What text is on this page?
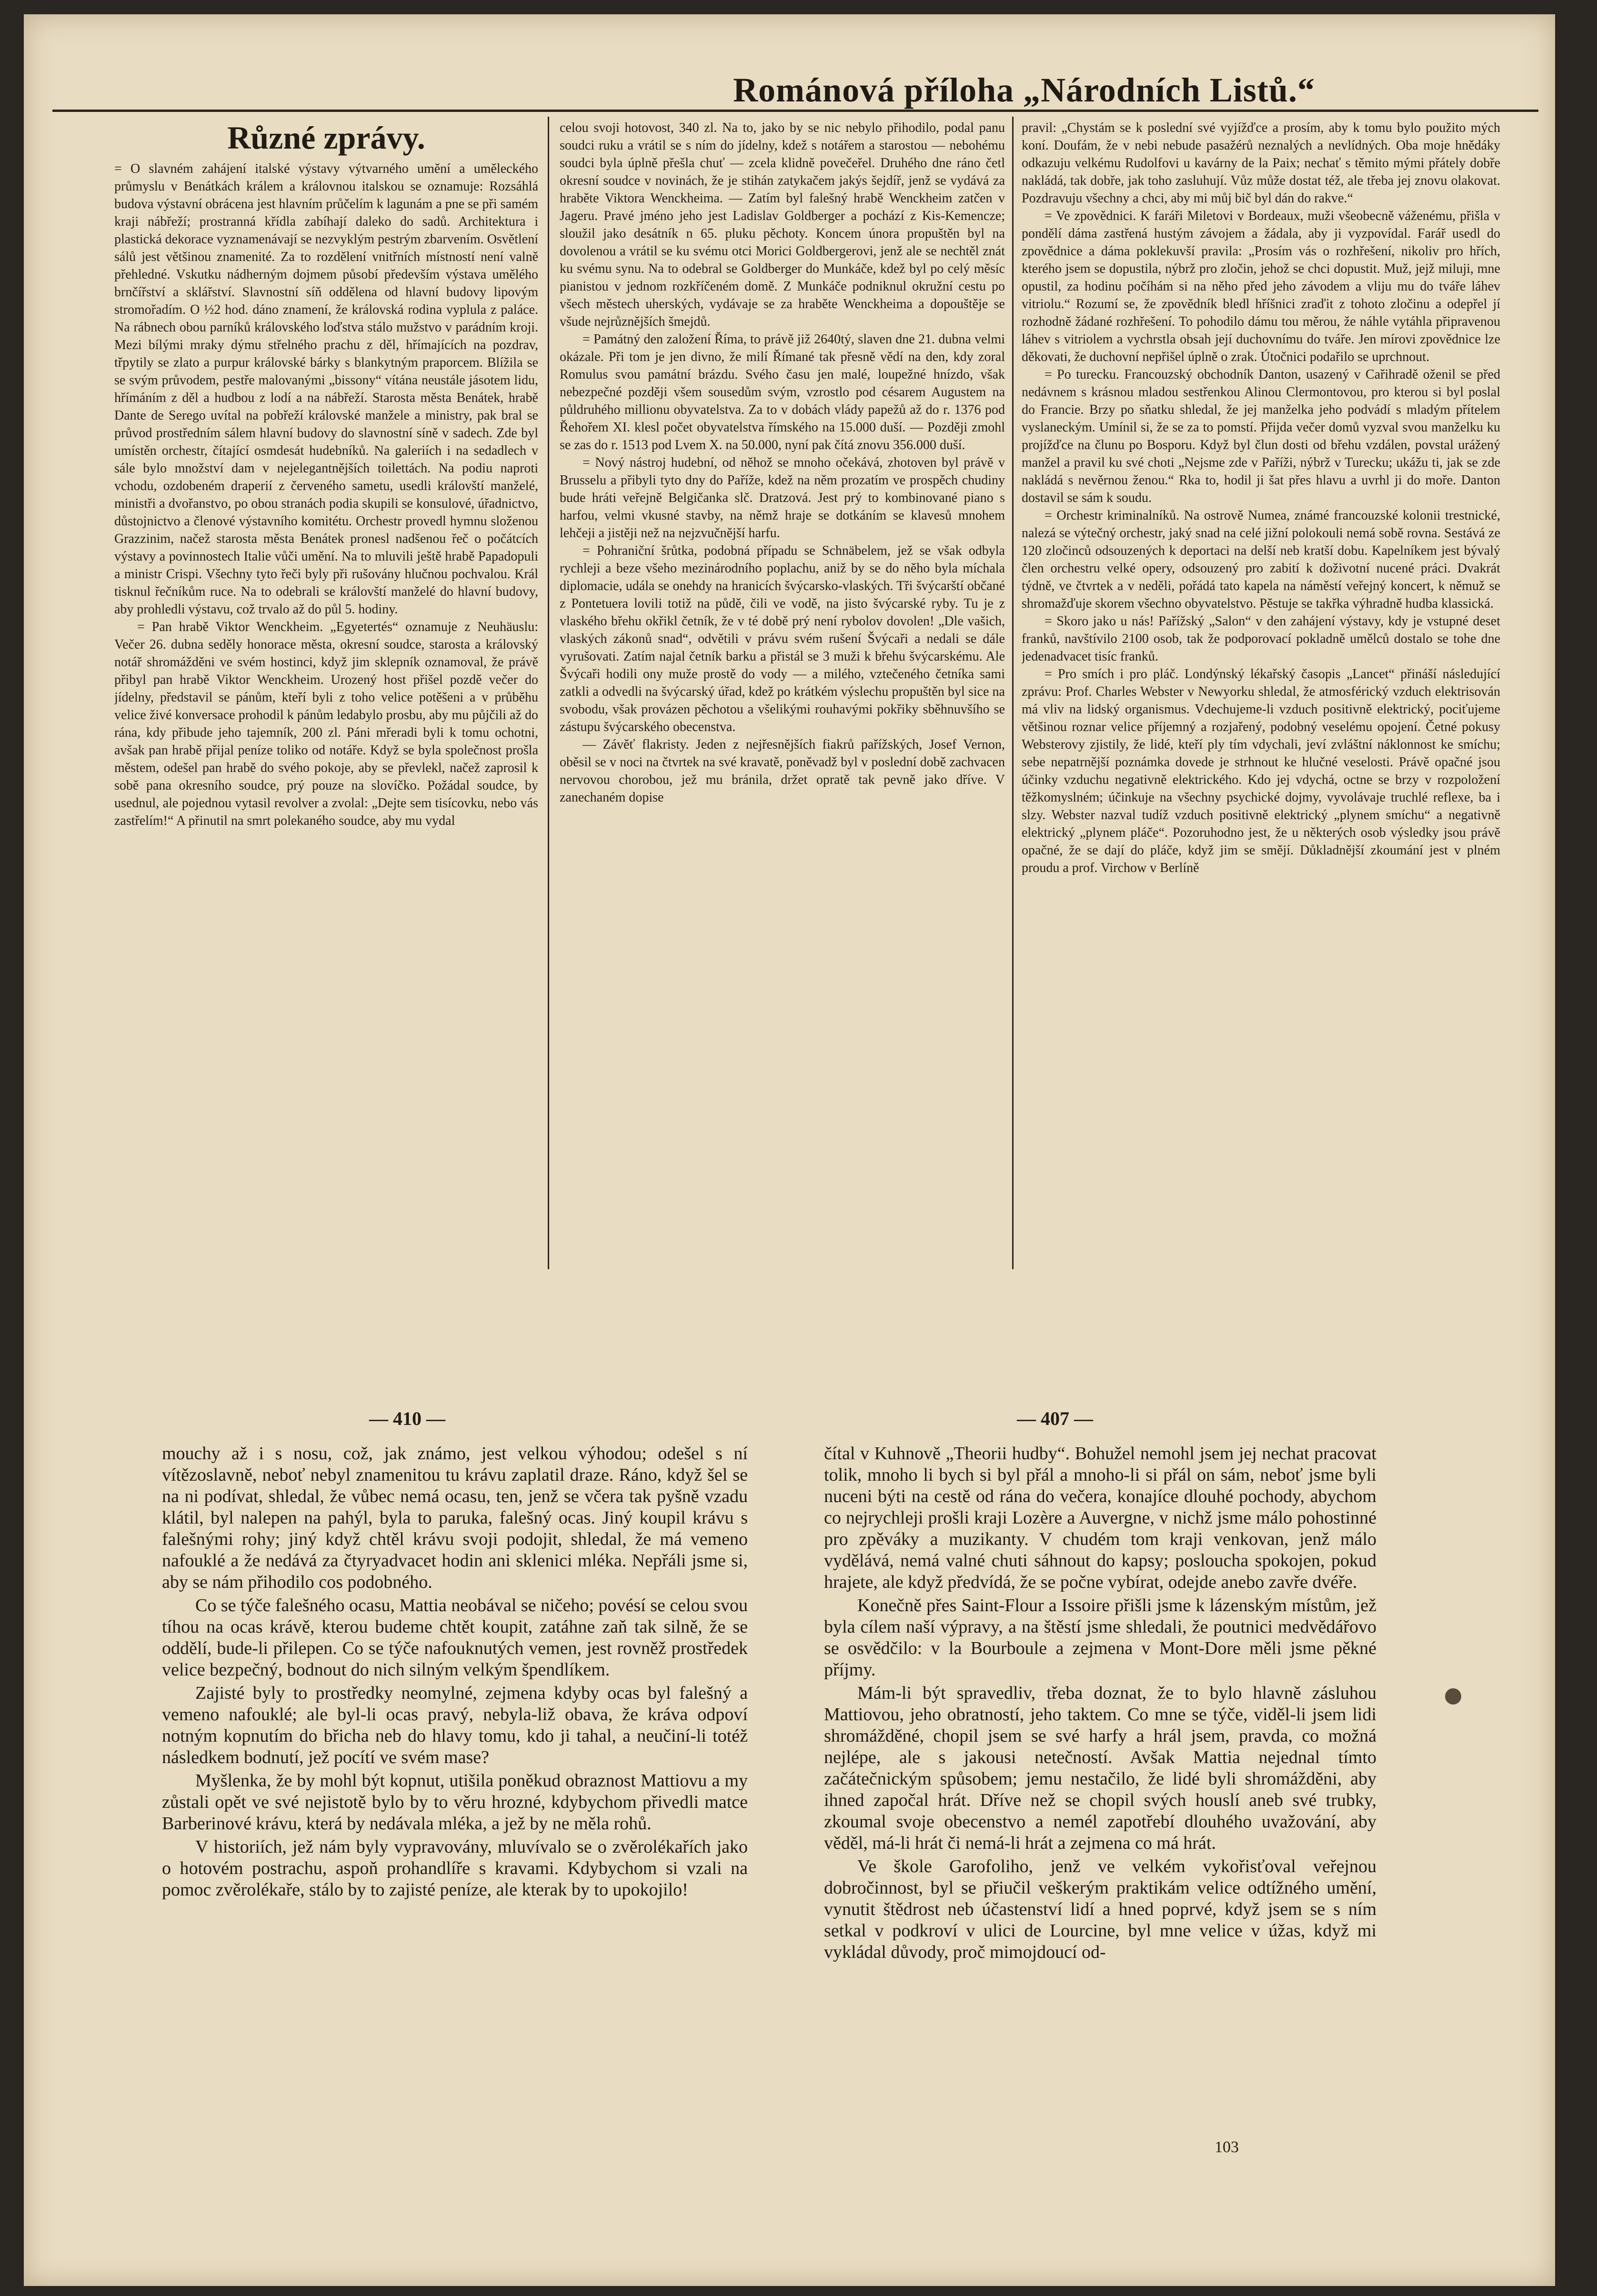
Románová příloha „Národních Listů.“
Různé zprávy.

= O slavném zahájení italské výstavy výtvarného umění a uměleckého průmyslu v Benátkách králem a královnou italskou se oznamuje: Rozsáhlá budova výstavní obrácena jest hlavním průčelím k lagunám a pne se při samém kraji nábřeží; prostranná křídla zabíhají daleko do sadů. Architektura i plastická dekorace vyznamenávají se nezvyklým pestrým zbarvením. Osvětlení sálů jest většinou znamenité. Za to rozdělení vnitřních místností není valně přehledné. Vskutku nádherným dojmem působí především výstava umělého brnčířství a sklářství. Slavnostní síň oddělena od hlavní budovy lipovým stromořadím. O ½2 hod. dáno znamení, že královská rodina vyplula z paláce. Na rábnech obou parníků královského loďstva stálo mužstvo v parádním kroji. Mezi bílými mraky dýmu střelného prachu z děl, hřímajících na pozdrav, třpytily se zlato a purpur královské bárky s blankytným praporcem. Blížila se se svým průvodem, pestře malovanými „bissony“ vítána neustále jásotem lidu, hřímáním z děl a hudbou z lodí a na nábřeží. Starosta města Benátek, hrabě Dante de Serego uvítal na pobřeží královské manžele a ministry, pak bral se průvod prostředním sálem hlavní budovy do slavnostní síně v sadech. Zde byl umístěn orchestr, čítající osmdesát hudebníků. Na galeriích i na sedadlech v sále bylo množství dam v nejelegantnějších toilettách. Na podiu naproti vchodu, ozdobeném draperií z červeného sametu, usedli královští manželé, ministři a dvořanstvo, po obou stranách podia skupili se konsulové, úřadnictvo, důstojnictvo a členové výstavního komitétu. Orchestr provedl hymnu složenou Grazzinim, načež starosta města Benátek pronesl nadšenou řeč o počátcích výstavy a povinnostech Italie vůči umění. Na to mluvili ještě hrabě Papadopuli a ministr Crispi. Všechny tyto řeči byly při rušovány hlučnou pochvalou. Král tisknul řečníkům ruce. Na to odebrali se královští manželé do hlavní budovy, aby prohledli výstavu, což trvalo až do půl 5. hodiny.

= Pan hrabě Viktor Wenckheim. „Egyetertés“ oznamuje z Neuhäuslu: Večer 26. dubna seděly honorace města, okresní soudce, starosta a královský notář shromážděni ve svém hostinci, když jim sklepník oznamoval, že právě přibyl pan hrabě Viktor Wenckheim. Urozený host přišel pozdě večer do jídelny, představil se pánům, kteří byli z toho velice potěšeni a v průběhu velice živé konversace prohodil k pánům ledabylo prosbu, aby mu půjčili až do rána, kdy přibude jeho tajemník, 200 zl. Páni mřeradi byli k tomu ochotni, avšak pan hrabě přijal peníze toliko od notáře. Když se byla společnost prošla městem, odešel pan hrabě do svého pokoje, aby se převlekl, načež zaprosil k sobě pana okresního soudce, prý pouze na slovíčko. Požádal soudce, by usednul, ale pojednou vytasil revolver a zvolal: „Dejte sem tisícovku, nebo vás zastřelím!“ A přinutil na smrt polekaného soudce, aby mu vydal

celou svoji hotovost, 340 zl. Na to, jako by se nic nebylo přihodilo, podal panu soudci ruku a vrátil se s ním do jídelny, kdež s notářem a starostou — nebohému soudci byla úplně přešla chuť — zcela klidně povečeřel. Druhého dne ráno četl okresní soudce v novinách, že je stihán zatykačem jakýs šejdíř, jenž se vydává za hraběte Viktora Wenckheima. — Zatím byl falešný hrabě Wenckheim zatčen v Jageru. Pravé jméno jeho jest Ladislav Goldberger a pochází z Kis-Kemencze; sloužil jako desátník n 65. pluku pěchoty. Koncem února propuštěn byl na dovolenou a vrátil se ku svému otci Morici Goldbergerovi, jenž ale se nechtěl znát ku svému synu. Na to odebral se Goldberger do Munkáče, kdež byl po celý měsíc pianistou v jednom rozkříčeném domě. Z Munkáče podniknul okružní cestu po všech městech uherských, vydávaje se za hraběte Wenckheima a dopouštěje se všude nejrůznějších šmejdů.

= Památný den založení Říma, to právě již 2640tý, slaven dne 21. dubna velmi okázale. Při tom je jen divno, že milí Římané tak přesně vědí na den, kdy zoral Romulus svou památní brázdu. Svého času jen malé, loupežné hnízdo, však nebezpečné později všem sousedům svým, vzrostlo pod césarem Augustem na půldruhého millionu obyvatelstva. Za to v dobách vlády papežů až do r. 1376 pod Řehořem XI. klesl počet obyvatelstva římského na 15.000 duší. — Později zmohl se zas do r. 1513 pod Lvem X. na 50.000, nyní pak čítá znovu 356.000 duší.

= Nový nástroj hudební, od něhož se mnoho očekává, zhotoven byl právě v Brusselu a přibyli tyto dny do Paříže, kdež na něm prozatím ve prospěch chudiny bude hráti veřejně Belgičanka slč. Dratzová. Jest prý to kombinované piano s harfou, velmi vkusné stavby, na němž hraje se dotkáním se klavesů mnohem lehčeji a jistěji než na nejzvučnější harfu.

= Pohraniční šrůtka, podobná případu se Schnäbelem, jež se však odbyla rychleji a beze všeho mezinárodního poplachu, aniž by se do něho byla míchala diplomacie, udála se onehdy na hranicích švýcarsko-vlaských. Tři švýcarští občané z Pontetuera lovili totiž na půdě, čili ve vodě, na jisto švýcarské ryby. Tu je z vlaského břehu okřikl četník, že v té době prý není rybolov dovolen! „Dle vašich, vlaských zákonů snad“, odvětili v právu svém rušení Švýcaři a nedali se dále vyrušovati. Zatím najal četník barku a přistál se 3 muži k břehu švýcarskému. Ale Švýcaři hodili ony muže prostě do vody — a milého, vztečeného četníka sami zatkli a odvedli na švýcarský úřad, kdež po krátkém výslechu propuštěn byl sice na svobodu, však provázen pěchotou a všelikými rouhavými pokřiky sběhnuvšího se zástupu švýcarského obecenstva.

— Závěť flakristy. Jeden z nejřesnějších fiakrů pařížských, Josef Vernon, oběsil se v noci na čtvrtek na své kravatě, poněvadž byl v poslední době zachvacen nervovou chorobou, jež mu bránila, držet opratě tak pevně jako dříve. V zanechaném dopise

pravil: „Chystám se k poslední své vyjížďce a prosím, aby k tomu bylo použito mých koní. Doufám, že v nebi nebude pasažérů neznalých a nevlídných. Oba moje hnědáky odkazuju velkému Rudolfovi u kavárny de la Paix; nechať s těmito mými přátely dobře nakládá, tak dobře, jak toho zasluhují. Vůz může dostat též, ale třeba jej znovu olakovat. Pozdravuju všechny a chci, aby mi můj bič byl dán do rakve.“

= Ve zpovědnici. K faráři Miletovi v Bordeaux, muži všeobecně váženému, přišla v pondělí dáma zastřená hustým závojem a žádala, aby ji vyzpovídal. Farář usedl do zpovědnice a dáma poklekuvší pravila: „Prosím vás o rozhřešení, nikoliv pro hřích, kterého jsem se dopustila, nýbrž pro zločin, jehož se chci dopustit. Muž, jejž miluji, mne opustil, za hodinu počíhám si na něho před jeho závodem a vliju mu do tváře láhev vitriolu.“ Rozumí se, že zpovědník bledl hříšnici zraďit z tohoto zločinu a odepřel jí rozhodně žádané rozhřešení. To pohodilo dámu tou měrou, že náhle vytáhla připravenou láhev s vitriolem a vychrstla obsah její duchovnímu do tváře. Jen mírovi zpovědnice lze děkovati, že duchovní nepřišel úplně o zrak. Útočnici podařilo se uprchnout.

= Po turecku. Francouzský obchodník Danton, usazený v Cařihradě oženil se před nedávnem s krásnou mladou sestřenkou Alinou Clermontovou, pro kterou si byl poslal do Francie. Brzy po sňatku shledal, že jej manželka jeho podvádí s mladým přítelem vyslaneckým. Umínil si, že se za to pomstí. Přijda večer domů vyzval svou manželku ku projížďce na člunu po Bosporu. Když byl člun dosti od břehu vzdálen, povstal urážený manžel a pravil ku své choti „Nejsme zde v Paříži, nýbrž v Turecku; ukážu ti, jak se zde nakládá s nevěrnou ženou.“ Rka to, hodil ji šat přes hlavu a uvrhl ji do moře. Danton dostavil se sám k soudu.

= Orchestr kriminalníků. Na ostrově Numea, známé francouzské kolonii trestnické, nalezá se výtečný orchestr, jaký snad na celé jižní polokouli nemá sobě rovna. Sestává ze 120 zločinců odsouzených k deportaci na delší neb kratší dobu. Kapelníkem jest bývalý člen orchestru velké opery, odsouzený pro zabití k doživotní nucené práci. Dvakrát týdně, ve čtvrtek a v neděli, pořádá tato kapela na náměstí veřejný koncert, k němuž se shromažďuje skorem všechno obyvatelstvo. Pěstuje se takřka výhradně hudba klassická.

= Skoro jako u nás! Pařížský „Salon“ v den zahájení výstavy, kdy je vstupné deset franků, navštívilo 2100 osob, tak že podporovací pokladně umělců dostalo se tohe dne jedenadvacet tisíc franků.

= Pro smích i pro pláč. Londýnský lékařský časopis „Lancet“ přináší následující zprávu: Prof. Charles Webster v Newyorku shledal, že atmosférický vzduch elektrisován má vliv na lidský organismus. Vdechujeme-li vzduch positivně elektrický, pociťujeme většinou roznar velice příjemný a rozjařený, podobný veselému opojení. Četné pokusy Websterovy zjistily, že lidé, kteří ply tím vdychali, jeví zvláštní náklonnost ke smíchu; sebe nepatrnější poznámka dovede je strhnout ke hlučné veselosti. Právě opačné jsou účinky vzduchu negativně elektrického. Kdo jej vdychá, octne se brzy v rozpoložení těžkomyslném; účinkuje na všechny psychické dojmy, vyvolávaje truchlé reflexe, ba i slzy. Webster nazval tudíž vzduch positivně elektrický „plynem smíchu“ a negativně elektrický „plynem pláče“. Pozoruhodno jest, že u některých osob výsledky jsou právě opačné, že se dají do pláče, když jim se smějí. Důkladnější zkoumání jest v plném proudu a prof. Virchow v Berlíně

— 410 —	— 407 —

mouchy až i s nosu, což, jak známo, jest velkou výhodou; odešel s ní vítězoslavně, neboť nebyl znamenitou tu krávu zaplatil draze. Ráno, když šel se na ni podívat, shledal, že vůbec nemá ocasu, ten, jenž se včera tak pyšně vzadu klátil, byl nalepen na pahýl, byla to paruka, falešný ocas. Jiný koupil krávu s falešnými rohy; jiný když chtěl krávu svoji podojit, shledal, že má vemeno nafouklé a že nedává za čtyryadvacet hodin ani sklenici mléka. Nepřáli jsme si, aby se nám přihodilo cos podobného.

Co se týče falešného ocasu, Mattia neobával se ničeho; povésí se celou svou tíhou na ocas krávě, kterou budeme chtět koupit, zatáhne zaň tak silně, že se oddělí, bude-li přilepen. Co se týče nafouknutých vemen, jest rovněž prostředek velice bezpečný, bodnout do nich silným velkým špendlíkem.

Zajisté byly to prostředky neomylné, zejmena kdyby ocas byl falešný a vemeno nafouklé; ale byl-li ocas pravý, nebyla-liž obava, že kráva odpoví notným kopnutím do břicha neb do hlavy tomu, kdo ji tahal, a neučiní-li totéž následkem bodnutí, jež pocítí ve svém mase?

Myšlenka, že by mohl být kopnut, utišila poněkud obraznost Mattiovu a my zůstali opět ve své nejistotě bylo by to věru hrozné, kdybychom přivedli matce Barberinové krávu, která by nedávala mléka, a jež by ne měla rohů.

V historiích, jež nám byly vypravovány, mluvívalo se o zvěrolékařích jako o hotovém postrachu, aspoň prohandlíře s kravami. Kdybychom si vzali na pomoc zvěrolékaře, stálo by to zajisté peníze, ale kterak by to upokojilo!

čítal v Kuhnově „Theorii hudby“. Bohužel nemohl jsem jej nechat pracovat tolik, mnoho li bych si byl přál a mnoho-li si přál on sám, neboť jsme byli nuceni býti na cestě od rána do večera, konajíce dlouhé pochody, abychom co nejrychleji prošli kraji Lozère a Auvergne, v nichž jsme málo pohostinné pro zpěváky a muzikanty. V chudém tom kraji venkovan, jenž málo vydělává, nemá valné chuti sáhnout do kapsy; posloucha spokojen, pokud hrajete, ale když předvídá, že se počne vybírat, odejde anebo zavře dvéře.

Konečně přes Saint-Flour a Issoire přišli jsme k lázenským místům, jež byla cílem naší výpravy, a na štěstí jsme shledali, že poutnici medvědářovo se osvědčilo: v la Bourboule a zejmena v Mont-Dore měli jsme pěkné příjmy.

Mám-li být spravedliv, třeba doznat, že to bylo hlavně zásluhou Mattiovou, jeho obratností, jeho taktem. Co mne se týče, viděl-li jsem lidi shromážděné, chopil jsem se své harfy a hrál jsem, pravda, co možná nejlépe, ale s jakousi netečností. Avšak Mattia nejednal tímto začátečnickým spůsobem; jemu nestačilo, že lidé byli shromážděni, aby ihned započal hrát. Dříve než se chopil svých houslí aneb své trubky, zkoumal svoje obecenstvo a nemél zapotřebí dlouhého uvažování, aby věděl, má-li hrát či nemá-li hrát a zejmena co má hrát.

Ve škole Garofoliho, jenž ve velkém vykořisťoval veřejnou dobročinnost, byl se přiučil veškerým praktikám velice odtížného umění, vynutit štědrost neb účastenství lidí a hned poprvé, když jsem se s ním setkal v podkroví v ulici de Lourcine, byl mne velice v úžas, když mi vykládal důvody, proč mimojdoucí od-

103
